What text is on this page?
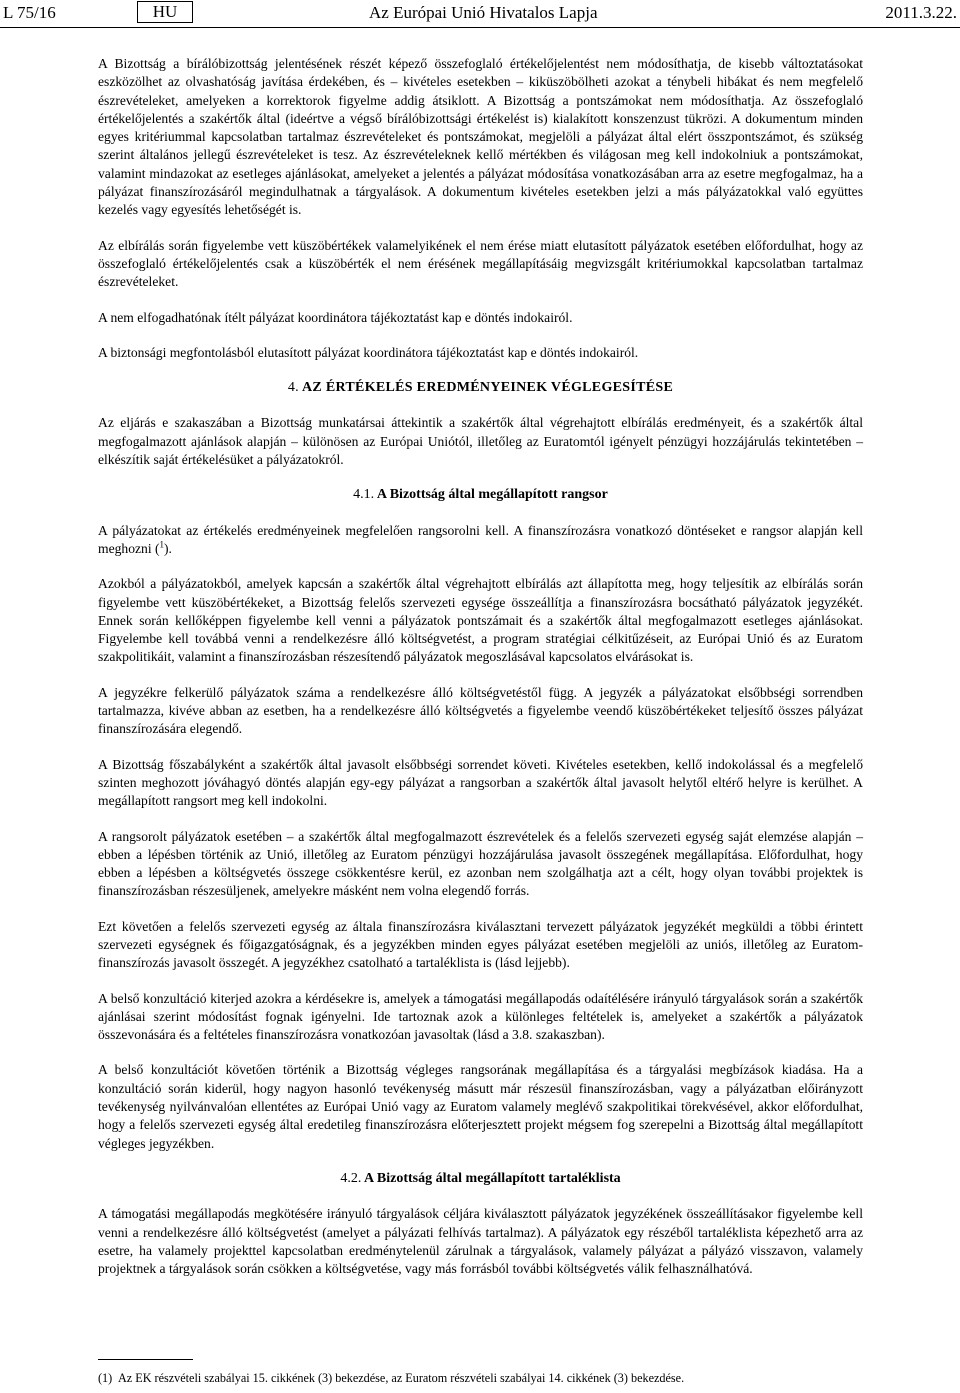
L 75/16	HU	Az Európai Unió Hivatalos Lapja	2011.3.22.

A Bizottság a bírálóbizottság jelentésének részét képező összefoglaló értékelőjelentést nem módosíthatja, de kisebb változtatásokat eszközölhet az olvashatóság javítása érdekében, és – kivételes esetekben – kiküszöbölheti azokat a ténybeli hibákat és nem megfelelő észrevételeket, amelyeken a korrektorok figyelme addig átsiklott. A Bizottság a pontszámokat nem módosíthatja. Az összefoglaló értékelőjelentés a szakértők által (ideértve a végső bírálóbizottsági értékelést is) kialakított konszenzust tükrözi. A dokumentum minden egyes kritériummal kapcsolatban tartalmaz észrevételeket és pontszámokat, megjelöli a pályázat által elért összpontszámot, és szükség szerint általános jellegű észrevételeket is tesz. Az észrevételeknek kellő mértékben és világosan meg kell indokolniuk a pontszámokat, valamint mindazokat az esetleges ajánlásokat, amelyeket a jelentés a pályázat módosítása vonatkozásában arra az esetre megfogalmaz, ha a pályázat finanszírozásáról megindulhatnak a tárgyalások. A dokumentum kivételes esetekben jelzi a más pályázatokkal való együttes kezelés vagy egyesítés lehetőségét is.

Az elbírálás során figyelembe vett küszöbértékek valamelyikének el nem érése miatt elutasított pályázatok esetében előfordulhat, hogy az összefoglaló értékelőjelentés csak a küszöbérték el nem érésének megállapításáig megvizsgált kritériumokkal kapcsolatban tartalmaz észrevételeket.

A nem elfogadhatónak ítélt pályázat koordinátora tájékoztatást kap e döntés indokairól.

A biztonsági megfontolásból elutasított pályázat koordinátora tájékoztatást kap e döntés indokairól.

4. AZ ÉRTÉKELÉS EREDMÉNYEINEK VÉGLEGESÍTÉSE

Az eljárás e szakaszában a Bizottság munkatársai áttekintik a szakértők által végrehajtott elbírálás eredményeit, és a szakértők által megfogalmazott ajánlások alapján – különösen az Európai Uniótól, illetőleg az Euratomtól igényelt pénzügyi hozzájárulás tekintetében – elkészítik saját értékelésüket a pályázatokról.

4.1. A Bizottság által megállapított rangsor

A pályázatokat az értékelés eredményeinek megfelelően rangsorolni kell. A finanszírozásra vonatkozó döntéseket e rangsor alapján kell meghozni ($^1$).

Azokból a pályázatokból, amelyek kapcsán a szakértők által végrehajtott elbírálás azt állapította meg, hogy teljesítik az elbírálás során figyelembe vett küszöbértékeket, a Bizottság felelős szervezeti egysége összeállítja a finanszírozásra bocsátható pályázatok jegyzékét. Ennek során kellőképpen figyelembe kell venni a pályázatok pontszámait és a szakértők által megfogalmazott esetleges ajánlásokat. Figyelembe kell továbbá venni a rendelkezésre álló költségvetést, a program stratégiai célkitűzéseit, az Európai Unió és az Euratom szakpolitikáit, valamint a finanszírozásban részesítendő pályázatok megoszlásával kapcsolatos elvárásokat is.

A jegyzékre felkerülő pályázatok száma a rendelkezésre álló költségvetéstől függ. A jegyzék a pályázatokat elsőbbségi sorrendben tartalmazza, kivéve abban az esetben, ha a rendelkezésre álló költségvetés a figyelembe veendő küszöbértékeket teljesítő összes pályázat finanszírozására elegendő.

A Bizottság főszabályként a szakértők által javasolt elsőbbségi sorrendet követi. Kivételes esetekben, kellő indokolással és a megfelelő szinten meghozott jóváhagyó döntés alapján egy-egy pályázat a rangsorban a szakértők által javasolt helytől eltérő helyre is kerülhet. A megállapított rangsort meg kell indokolni.

A rangsorolt pályázatok esetében – a szakértők által megfogalmazott észrevételek és a felelős szervezeti egység saját elemzése alapján – ebben a lépésben történik az Unió, illetőleg az Euratom pénzügyi hozzájárulása javasolt összegének megállapítása. Előfordulhat, hogy ebben a lépésben a költségvetés összege csökkentésre kerül, ez azonban nem szolgálhatja azt a célt, hogy olyan további projektek is finanszírozásban részesüljenek, amelyekre másként nem volna elegendő forrás.

Ezt követően a felelős szervezeti egység az általa finanszírozásra kiválasztani tervezett pályázatok jegyzékét megküldi a többi érintett szervezeti egységnek és főigazgatóságnak, és a jegyzékben minden egyes pályázat esetében megjelöli az uniós, illetőleg az Euratom-finanszírozás javasolt összegét. A jegyzékhez csatolható a tartaléklista is (lásd lejjebb).

A belső konzultáció kiterjed azokra a kérdésekre is, amelyek a támogatási megállapodás odaítélésére irányuló tárgyalások során a szakértők ajánlásai szerint módosítást fognak igényelni. Ide tartoznak azok a különleges feltételek is, amelyeket a szakértők a pályázatok összevonására és a feltételes finanszírozásra vonatkozóan javasoltak (lásd a 3.8. szakaszban).

A belső konzultációt követően történik a Bizottság végleges rangsorának megállapítása és a tárgyalási megbízások kiadása. Ha a konzultáció során kiderül, hogy nagyon hasonló tevékenység másutt már részesül finanszírozásban, vagy a pályázatban előirányzott tevékenység nyilvánvalóan ellentétes az Európai Unió vagy az Euratom valamely meglévő szakpolitikai törekvésével, akkor előfordulhat, hogy a felelős szervezeti egység által eredetileg finanszírozásra előterjesztett projekt mégsem fog szerepelni a Bizottság által megállapított végleges jegyzékben.

4.2. A Bizottság által megállapított tartaléklista

A támogatási megállapodás megkötésére irányuló tárgyalások céljára kiválasztott pályázatok jegyzékének összeállításakor figyelembe kell venni a rendelkezésre álló költségvetést (amelyet a pályázati felhívás tartalmaz). A pályázatok egy részéből tartaléklista képezhető arra az esetre, ha valamely projekttel kapcsolatban eredménytelenül zárulnak a tárgyalások, valamely pályázat a pályázó visszavon, valamely projektnek a tárgyalások során csökken a költségvetése, vagy más forrásból további költségvetés válik felhasználhatóvá.

(1) Az EK részvételi szabályai 15. cikkének (3) bekezdése, az Euratom részvételi szabályai 14. cikkének (3) bekezdése.
